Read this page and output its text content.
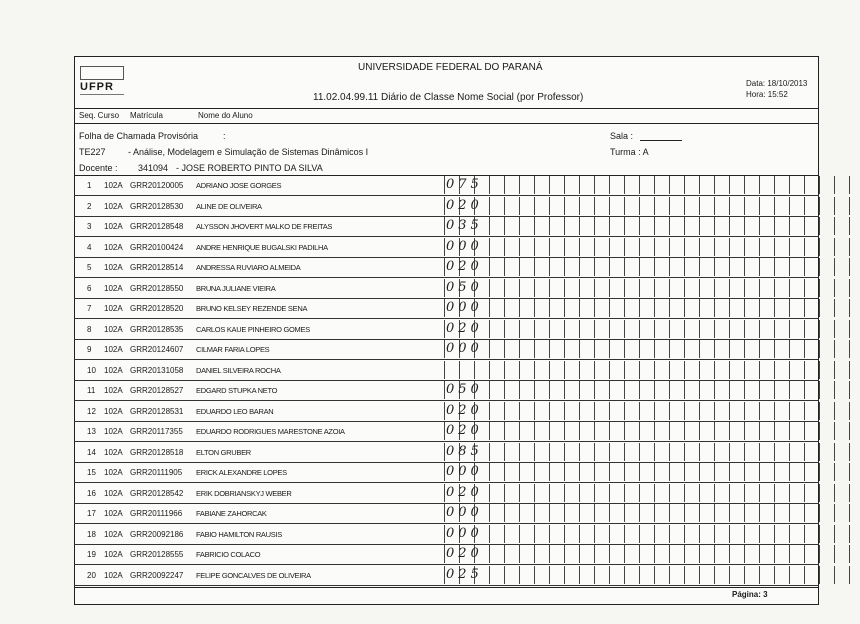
UFPR
UNIVERSIDADE FEDERAL DO PARANÁ
11.02.04.99.11 Diário de Classe Nome Social (por Professor)
Data: 18/10/2013
Hora: 15:52
Seq. Curso Matrícula	Nome do Aluno
Folha de Chamada Provisória	:	Sala :
TE227 - Análise, Modelagem e Simulação de Sistemas Dinâmicos I	Turma : A
Docente : 341094 - JOSE ROBERTO PINTO DA SILVA
1 102A GRR20120005 ADRIANO JOSE GORGES	075
2 102A GRR20128530 ALINE DE OLIVEIRA	020
3 102A GRR20128548 ALYSSON JHOVERT MALKO DE FREITAS	035
4 102A GRR20100424 ANDRE HENRIQUE BUGALSKI PADILHA	000
5 102A GRR20128514 ANDRESSA RUVIARO ALMEIDA	020
6 102A GRR20128550 BRUNA JULIANE VIEIRA	050
7 102A GRR20128520 BRUNO KELSEY REZENDE SENA	000
8 102A GRR20128535 CARLOS KAUE PINHEIRO GOMES	020
9 102A GRR20124607 CILMAR FARIA LOPES	000
10 102A GRR20131058 DANIEL SILVEIRA ROCHA
11 102A GRR20128527 EDGARD STUPKA NETO	050
12 102A GRR20128531 EDUARDO LEO BARAN	020
13 102A GRR20117355 EDUARDO RODRIGUES MARESTONE AZOIA	020
14 102A GRR20128518 ELTON GRUBER	085
15 102A GRR20111905 ERICK ALEXANDRE LOPES	000
16 102A GRR20128542 ERIK DOBRIANSKYJ WEBER	020
17 102A GRR20111966 FABIANE ZAHORCAK	000
18 102A GRR20092186 FABIO HAMILTON RAUSIS	000
19 102A GRR20128555 FABRICIO COLACO	020
20 102A GRR20092247 FELIPE GONCALVES DE OLIVEIRA	025
Página: 3
